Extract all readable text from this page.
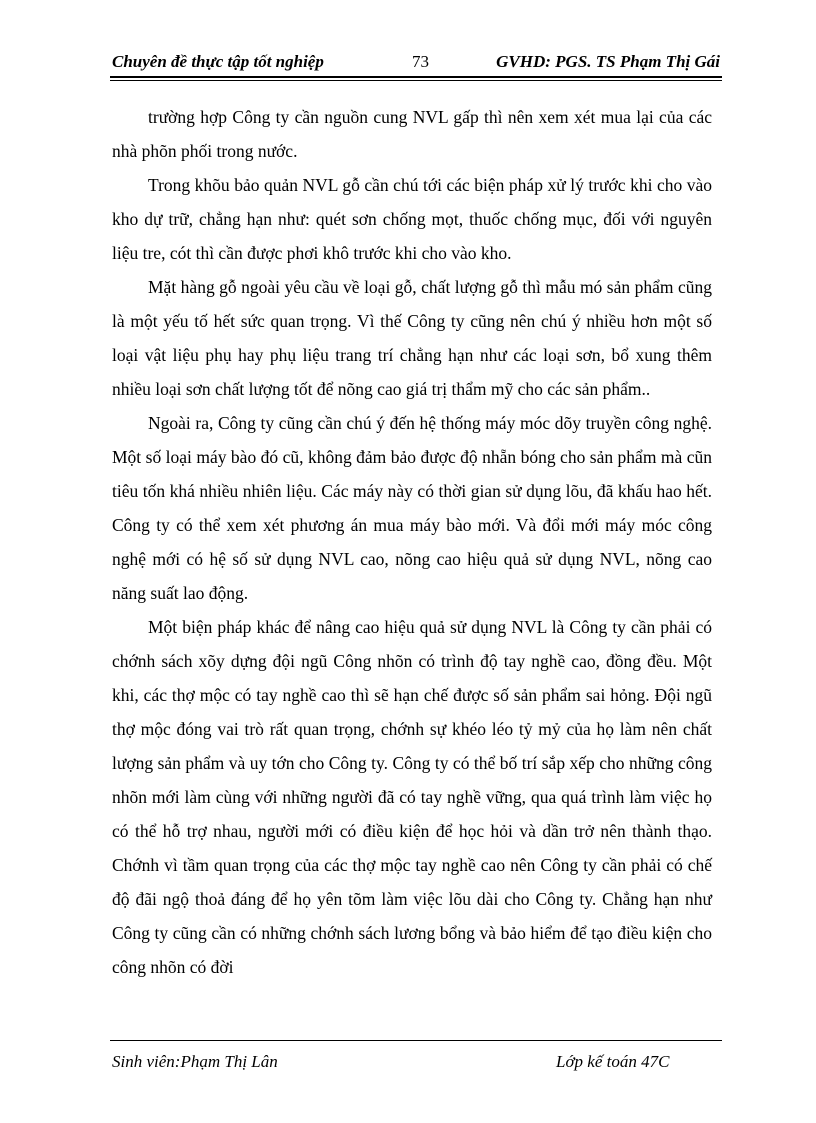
Chuyên đề thực tập tốt nghiệp	73	GVHD: PGS. TS Phạm Thị Gái

trường hợp Công ty cần nguồn cung NVL gấp thì nên xem xét mua lại của các nhà phõn phối trong nước.

Trong khõu bảo quản NVL gỗ cần chú tới các biện pháp xử lý trước khi cho vào kho dự trữ, chẳng hạn như: quét sơn chống mọt, thuốc chống mục, đối với nguyên liệu tre, cót thì cần được phơi khô trước khi cho vào kho.

Mặt hàng gỗ ngoài yêu cầu về loại gỗ, chất lượng gỗ thì mẫu mó sản phẩm cũng là một yếu tố hết sức quan trọng. Vì thế Công ty cũng nên chú ý nhiều hơn một số loại vật liệu phụ hay phụ liệu trang trí chẳng hạn như các loại sơn, bổ xung thêm nhiều loại sơn chất lượng tốt để nõng cao giá trị thẩm mỹ cho các sản phẩm..

Ngoài ra, Công ty cũng cần chú ý đến hệ thống máy móc dõy truyền công nghệ. Một số loại máy bào đó cũ, không đảm bảo được độ nhẵn bóng cho sản phẩm mà cũn tiêu tốn khá nhiều nhiên liệu. Các máy này có thời gian sử dụng lõu, đã khấu hao hết. Công ty có thể xem xét phương án mua máy bào mới. Và đổi mới máy móc công nghệ mới có hệ số sử dụng NVL cao, nõng cao hiệu quả sử dụng NVL, nõng cao năng suất lao động.

Một biện pháp khác để nâng cao hiệu quả sử dụng NVL là Công ty cần phải có chớnh sách xõy dựng đội ngũ Công nhõn có trình độ tay nghề cao, đồng đều. Một khi, các thợ mộc có tay nghề cao thì sẽ hạn chế được số sản phẩm sai hỏng. Đội ngũ thợ mộc đóng vai trò rất quan trọng, chớnh sự khéo léo tỷ mỷ của họ làm nên chất lượng sản phẩm và uy tớn cho Công ty. Công ty có thể bố trí sắp xếp cho những công nhõn mới làm cùng với những người đã có tay nghề vững, qua quá trình làm việc họ có thể hỗ trợ nhau, người mới có điều kiện để học hỏi và dần trở nên thành thạo. Chớnh vì tầm quan trọng của các thợ mộc tay nghề cao nên Công ty cần phải có chế độ đãi ngộ thoả đáng để họ yên tõm làm việc lõu dài cho Công ty. Chẳng hạn như Công ty cũng cần có những chớnh sách lương bổng và bảo hiểm để tạo điều kiện cho công nhõn có đời

Sinh viên:Phạm Thị Lân	Lớp kế toán 47C
